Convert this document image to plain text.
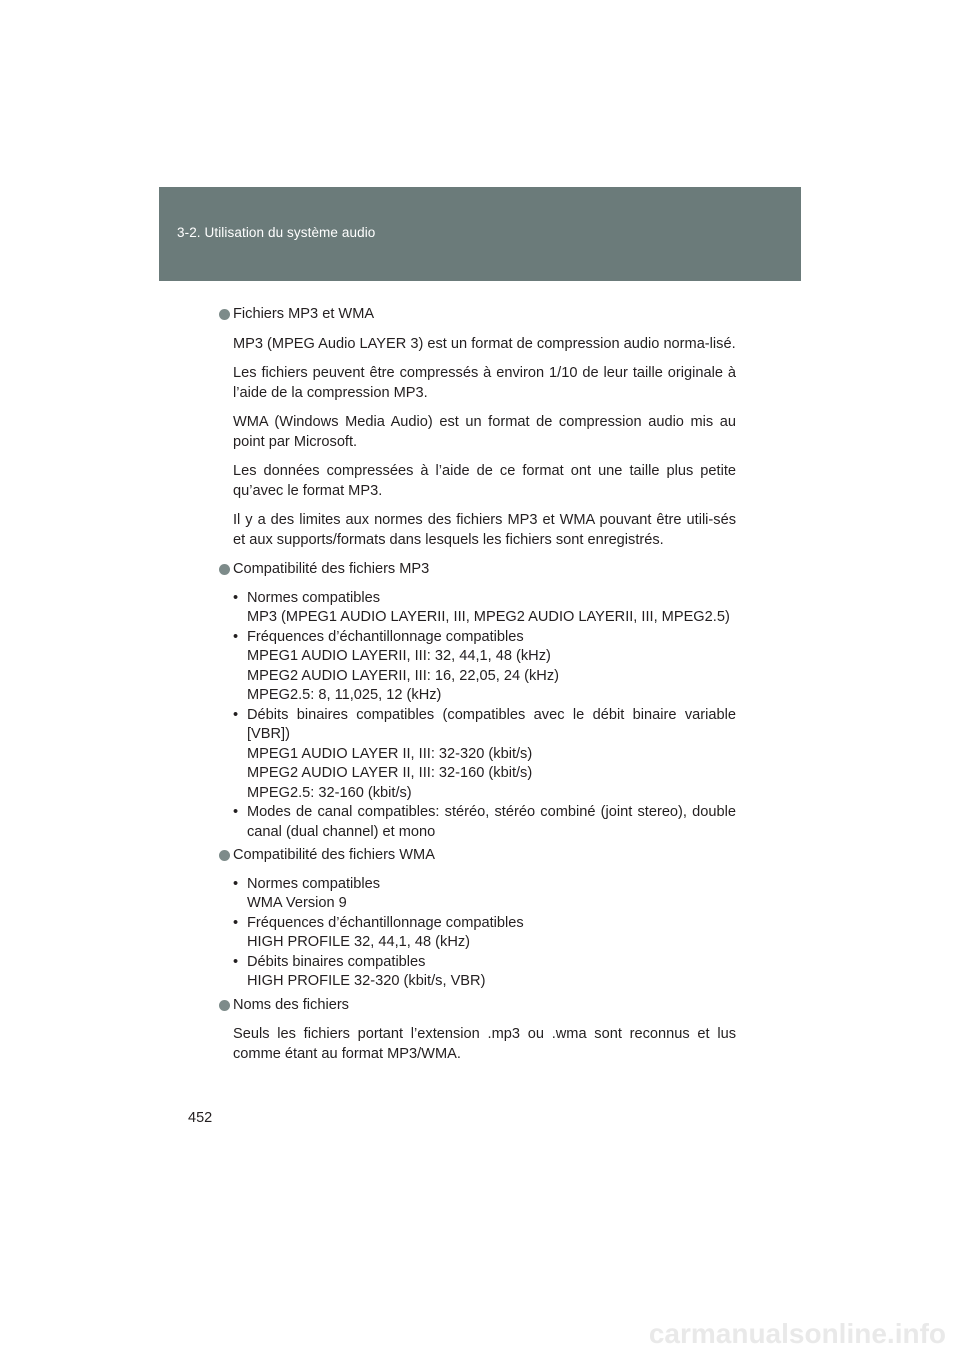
3-2. Utilisation du système audio
Fichiers MP3 et WMA
MP3 (MPEG Audio LAYER 3) est un format de compression audio norma-lisé.
Les fichiers peuvent être compressés à environ 1/10 de leur taille originale à l’aide de la compression MP3.
WMA (Windows Media Audio) est un format de compression audio mis au point par Microsoft.
Les données compressées à l’aide de ce format ont une taille plus petite qu’avec le format MP3.
Il y a des limites aux normes des fichiers MP3 et WMA pouvant être utili-sés et aux supports/formats dans lesquels les fichiers sont enregistrés.
Compatibilité des fichiers MP3
• Normes compatibles
MP3 (MPEG1 AUDIO LAYERII, III, MPEG2 AUDIO LAYERII, III, MPEG2.5)
• Fréquences d’échantillonnage compatibles
MPEG1 AUDIO LAYERII, III: 32, 44,1, 48 (kHz)
MPEG2 AUDIO LAYERII, III: 16, 22,05, 24 (kHz)
MPEG2.5: 8, 11,025, 12 (kHz)
• Débits binaires compatibles (compatibles avec le débit binaire variable [VBR])
MPEG1 AUDIO LAYER II, III: 32-320 (kbit/s)
MPEG2 AUDIO LAYER II, III: 32-160 (kbit/s)
MPEG2.5: 32-160 (kbit/s)
• Modes de canal compatibles: stéréo, stéréo combiné (joint stereo), double canal (dual channel) et mono
Compatibilité des fichiers WMA
• Normes compatibles
WMA Version 9
• Fréquences d’échantillonnage compatibles
HIGH PROFILE 32, 44,1, 48 (kHz)
• Débits binaires compatibles
HIGH PROFILE 32-320 (kbit/s, VBR)
Noms des fichiers
Seuls les fichiers portant l’extension .mp3 ou .wma sont reconnus et lus comme étant au format MP3/WMA.
452
carmanualsonline.info
